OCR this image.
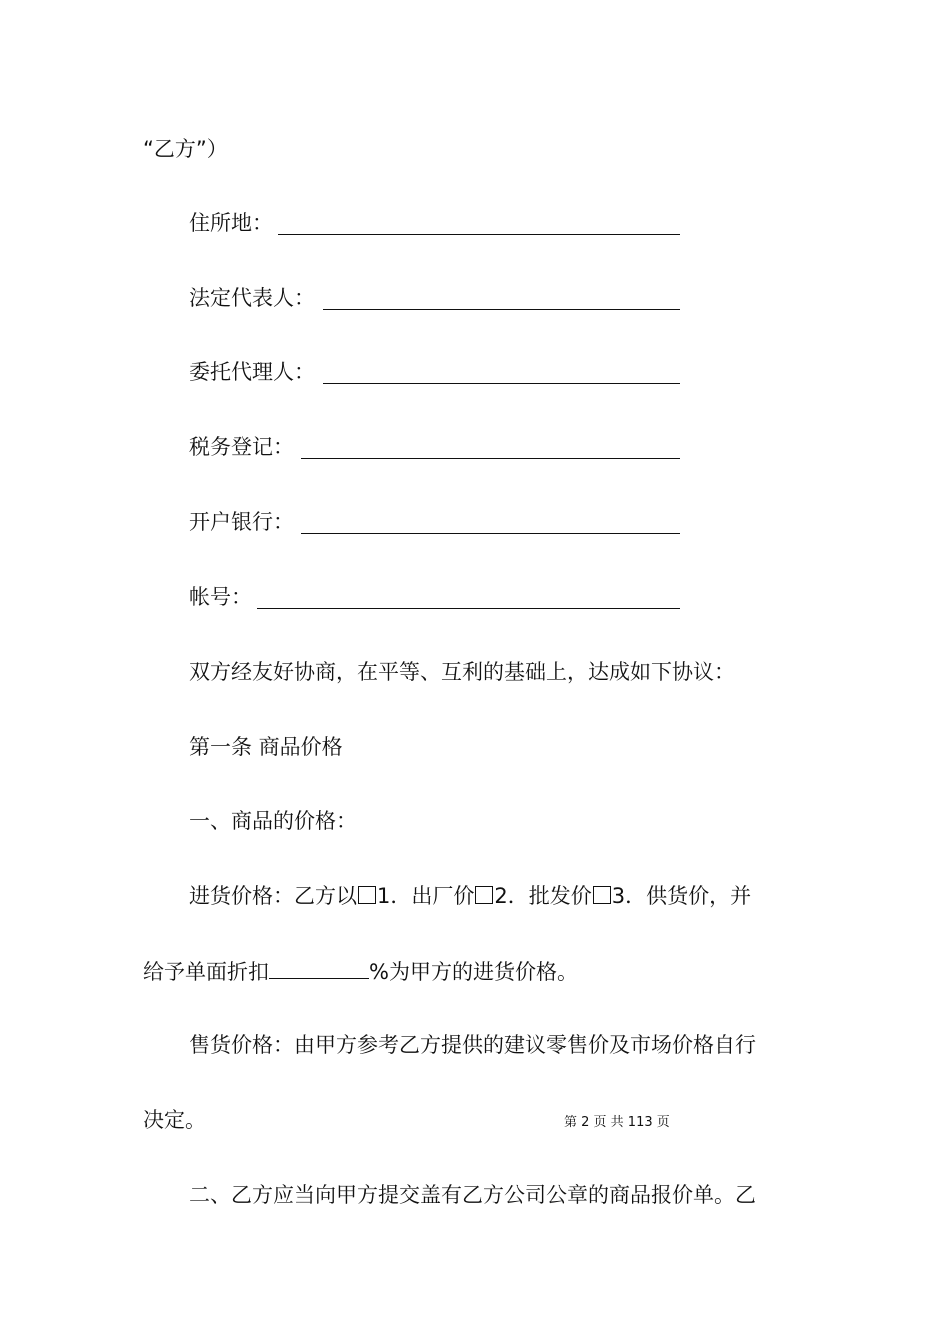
“乙方”）
住所地：
法定代表人：
委托代理人：
税务登记：
开户银行：
帐号：
双方经友好协商，在平等、互利的基础上，达成如下协议：
第一条 商品价格
一、商品的价格：
进货价格：乙方以 1．出厂价 2．批发价 3．供货价，并
给予单面折扣	%为甲方的进货价格。
售货价格：由甲方参考乙方提供的建议零售价及市场价格自行
决定。	第 2 页 共 113 页
二、乙方应当向甲方提交盖有乙方公司公章的商品报价单。乙
